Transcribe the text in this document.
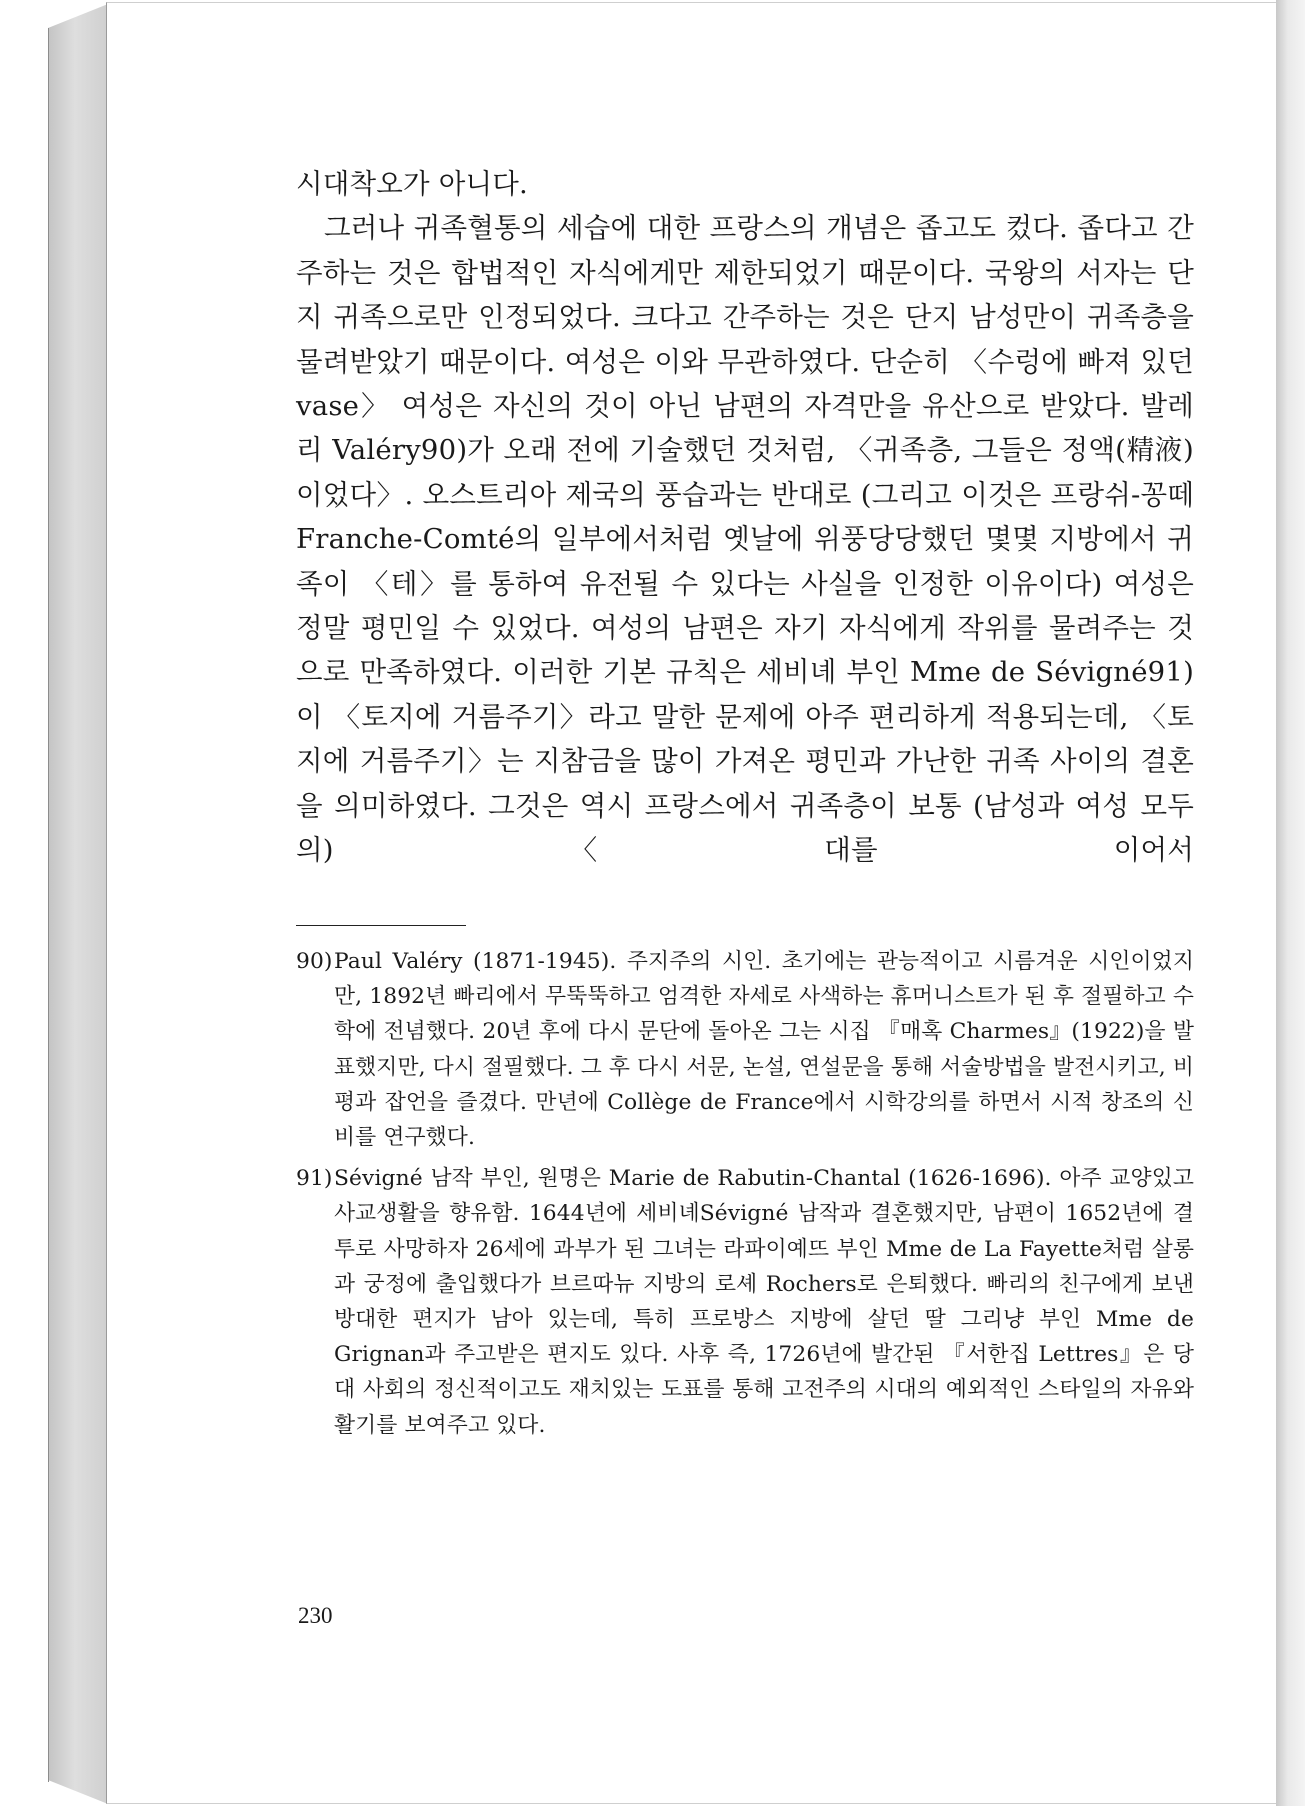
시대착오가 아니다.

그러나 귀족혈통의 세습에 대한 프랑스의 개념은 좁고도 컸다. 좁다고 간주하는 것은 합법적인 자식에게만 제한되었기 때문이다. 국왕의 서자는 단지 귀족으로만 인정되었다. 크다고 간주하는 것은 단지 남성만이 귀족층을 물려받았기 때문이다. 여성은 이와 무관하였다. 단순히 〈수렁에 빠져 있던 vase〉 여성은 자신의 것이 아닌 남편의 자격만을 유산으로 받았다. 발레리 Valéry90)가 오래 전에 기술했던 것처럼, 〈귀족층, 그들은 정액(精液)이었다〉. 오스트리아 제국의 풍습과는 반대로 (그리고 이것은 프랑쉬-꽁떼 Franche-Comté의 일부에서처럼 옛날에 위풍당당했던 몇몇 지방에서 귀족이 〈테〉를 통하여 유전될 수 있다는 사실을 인정한 이유이다) 여성은 정말 평민일 수 있었다. 여성의 남편은 자기 자식에게 작위를 물려주는 것으로 만족하였다. 이러한 기본 규칙은 세비녜 부인 Mme de Sévigné91)이 〈토지에 거름주기〉라고 말한 문제에 아주 편리하게 적용되는데, 〈토지에 거름주기〉는 지참금을 많이 가져온 평민과 가난한 귀족 사이의 결혼을 의미하였다. 그것은 역시 프랑스에서 귀족층이 보통 (남성과 여성 모두의) 〈대를 이어서

90)Paul Valéry (1871-1945). 주지주의 시인. 초기에는 관능적이고 시름겨운 시인이었지만, 1892년 빠리에서 무뚝뚝하고 엄격한 자세로 사색하는 휴머니스트가 된 후 절필하고 수학에 전념했다. 20년 후에 다시 문단에 돌아온 그는 시집 『매혹 Charmes』(1922)을 발표했지만, 다시 절필했다. 그 후 다시 서문, 논설, 연설문을 통해 서술방법을 발전시키고, 비평과 잡언을 즐겼다. 만년에 Collège de France에서 시학강의를 하면서 시적 창조의 신비를 연구했다.

91)Sévigné 남작 부인, 원명은 Marie de Rabutin-Chantal (1626-1696). 아주 교양있고 사교생활을 향유함. 1644년에 세비녜Sévigné 남작과 결혼했지만, 남편이 1652년에 결투로 사망하자 26세에 과부가 된 그녀는 라파이예뜨 부인 Mme de La Fayette처럼 살롱과 궁정에 출입했다가 브르따뉴 지방의 로셰 Rochers로 은퇴했다. 빠리의 친구에게 보낸 방대한 편지가 남아 있는데, 특히 프로방스 지방에 살던 딸 그리냥 부인 Mme de Grignan과 주고받은 편지도 있다. 사후 즉, 1726년에 발간된 『서한집 Lettres』은 당대 사회의 정신적이고도 재치있는 도표를 통해 고전주의 시대의 예외적인 스타일의 자유와 활기를 보여주고 있다.

230
